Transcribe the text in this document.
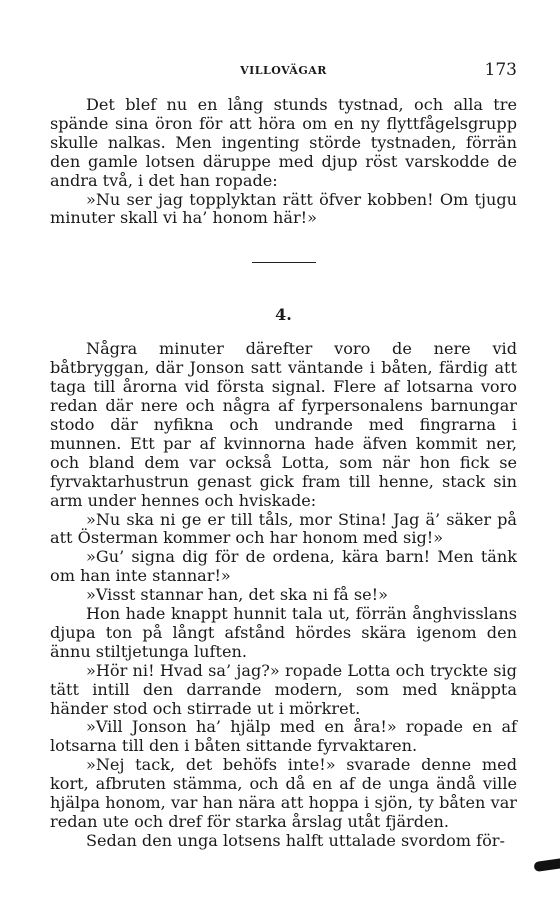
VILLOVÄGAR	173

Det blef nu en lång stunds tystnad, och alla tre spände sina öron för att höra om en ny flyttfågelsgrupp skulle nalkas. Men ingenting störde tystnaden, förrän den gamle lotsen däruppe med djup röst varskodde de andra två, i det han ropade:

»Nu ser jag topplyktan rätt öfver kobben! Om tjugu minuter skall vi ha’ honom här!»

4.

Några minuter därefter voro de nere vid båtbryggan, där Jonson satt väntande i båten, färdig att taga till årorna vid första signal. Flere af lotsarna voro redan där nere och några af fyrpersonalens barnungar stodo där nyfikna och undrande med fingrarna i munnen. Ett par af kvinnorna hade äfven kommit ner, och bland dem var också Lotta, som när hon fick se fyrvaktarhustrun genast gick fram till henne, stack sin arm under hennes och hviskade:

»Nu ska ni ge er till tåls, mor Stina! Jag ä’ säker på att Österman kommer och har honom med sig!»

»Gu’ signa dig för de ordena, kära barn! Men tänk om han inte stannar!»

»Visst stannar han, det ska ni få se!»

Hon hade knappt hunnit tala ut, förrän ånghvisslans djupa ton på långt afstånd hördes skära igenom den ännu stiltjetunga luften.

»Hör ni! Hvad sa’ jag?» ropade Lotta och tryckte sig tätt intill den darrande modern, som med knäppta händer stod och stirrade ut i mörkret.

»Vill Jonson ha’ hjälp med en åra!» ropade en af lotsarna till den i båten sittande fyrvaktaren.

»Nej tack, det behöfs inte!» svarade denne med kort, afbruten stämma, och då en af de unga ändå ville hjälpa honom, var han nära att hoppa i sjön, ty båten var redan ute och dref för starka årslag utåt fjärden.

Sedan den unga lotsens halft uttalade svordom för-
